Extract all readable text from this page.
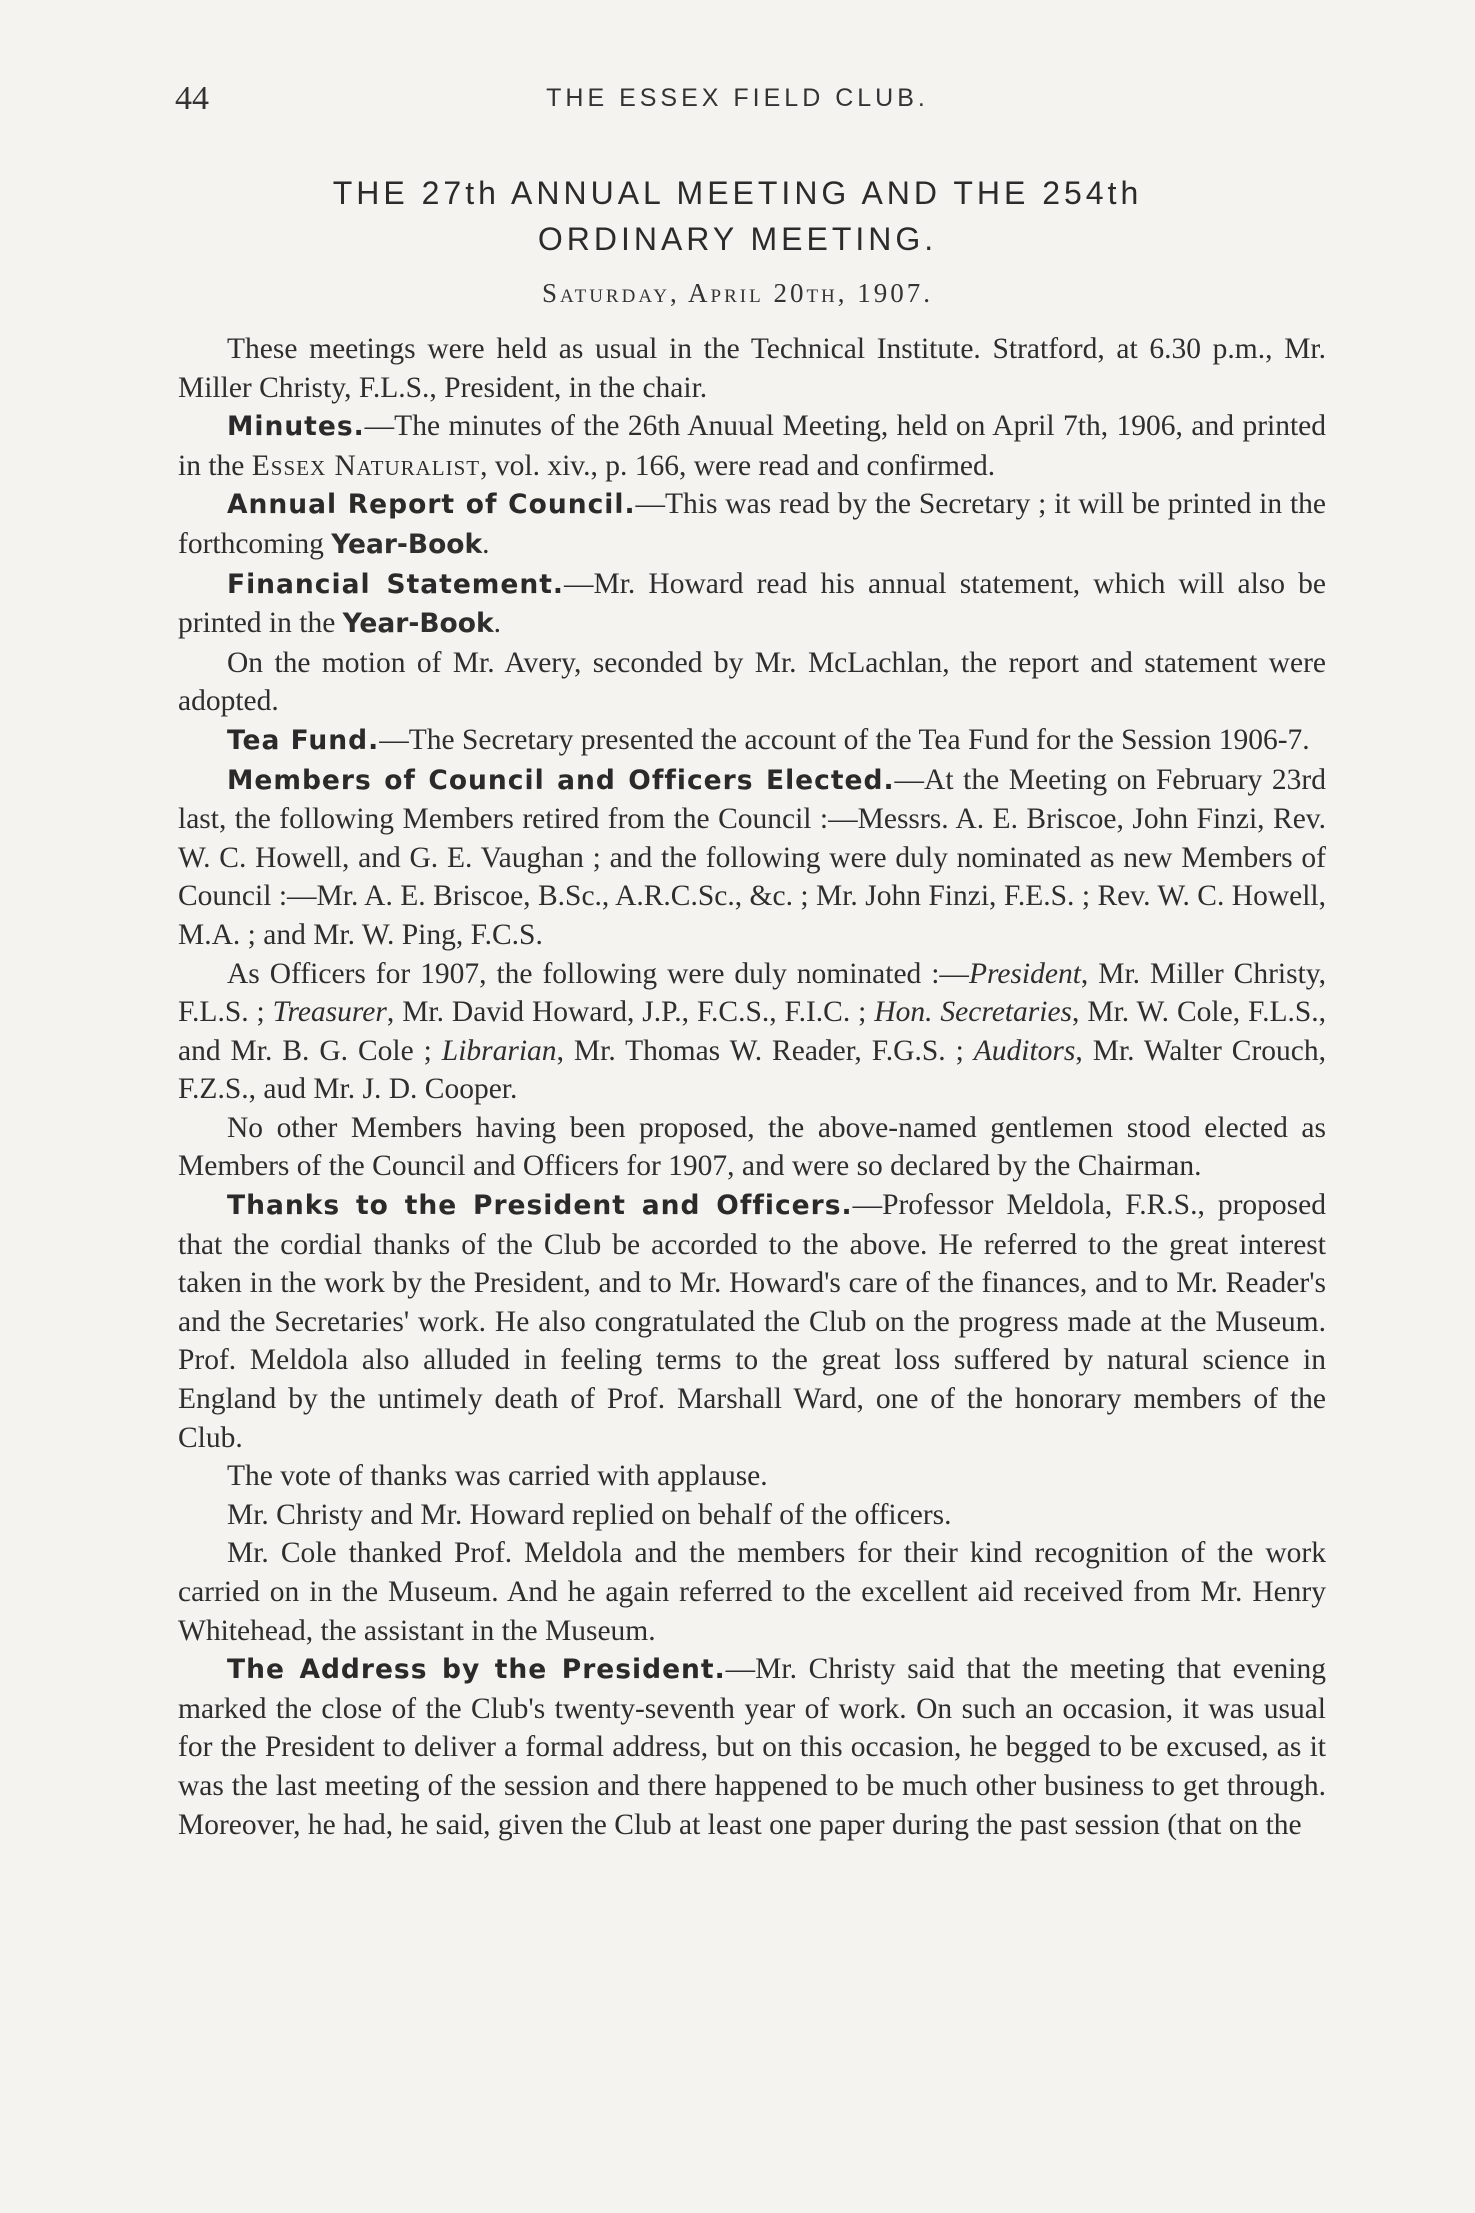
44	THE ESSEX FIELD CLUB.
THE 27th ANNUAL MEETING AND THE 254th
ORDINARY MEETING.
Saturday, April 20th, 1907.

These meetings were held as usual in the Technical Institute. Stratford, at 6.30 p.m., Mr. Miller Christy, F.L.S., President, in the chair.

Minutes.—The minutes of the 26th Anuual Meeting, held on April 7th, 1906, and printed in the Essex Naturalist, vol. xiv., p. 166, were read and confirmed.

Annual Report of Council.—This was read by the Secretary ; it will be printed in the forthcoming Year-Book.

Financial Statement.—Mr. Howard read his annual statement, which will also be printed in the Year-Book.

On the motion of Mr. Avery, seconded by Mr. McLachlan, the report and statement were adopted.

Tea Fund.—The Secretary presented the account of the Tea Fund for the Session 1906-7.

Members of Council and Officers Elected.—At the Meeting on February 23rd last, the following Members retired from the Council :—Messrs. A. E. Briscoe, John Finzi, Rev. W. C. Howell, and G. E. Vaughan ; and the following were duly nominated as new Members of Council :—Mr. A. E. Briscoe, B.Sc., A.R.C.Sc., &c. ; Mr. John Finzi, F.E.S. ; Rev. W. C. Howell, M.A. ; and Mr. W. Ping, F.C.S.

As Officers for 1907, the following were duly nominated :—President, Mr. Miller Christy, F.L.S. ; Treasurer, Mr. David Howard, J.P., F.C.S., F.I.C. ; Hon. Secretaries, Mr. W. Cole, F.L.S., and Mr. B. G. Cole ; Librarian, Mr. Thomas W. Reader, F.G.S. ; Auditors, Mr. Walter Crouch, F.Z.S., aud Mr. J. D. Cooper.

No other Members having been proposed, the above-named gentlemen stood elected as Members of the Council and Officers for 1907, and were so declared by the Chairman.

Thanks to the President and Officers.—Professor Meldola, F.R.S., proposed that the cordial thanks of the Club be accorded to the above. He referred to the great interest taken in the work by the President, and to Mr. Howard's care of the finances, and to Mr. Reader's and the Secretaries' work. He also congratulated the Club on the progress made at the Museum. Prof. Meldola also alluded in feeling terms to the great loss suffered by natural science in England by the untimely death of Prof. Marshall Ward, one of the honorary members of the Club.

The vote of thanks was carried with applause.

Mr. Christy and Mr. Howard replied on behalf of the officers.

Mr. Cole thanked Prof. Meldola and the members for their kind recognition of the work carried on in the Museum. And he again referred to the excellent aid received from Mr. Henry Whitehead, the assistant in the Museum.

The Address by the President.—Mr. Christy said that the meeting that evening marked the close of the Club's twenty-seventh year of work. On such an occasion, it was usual for the President to deliver a formal address, but on this occasion, he begged to be excused, as it was the last meeting of the session and there happened to be much other business to get through. Moreover, he had, he said, given the Club at least one paper during the past session (that on the
